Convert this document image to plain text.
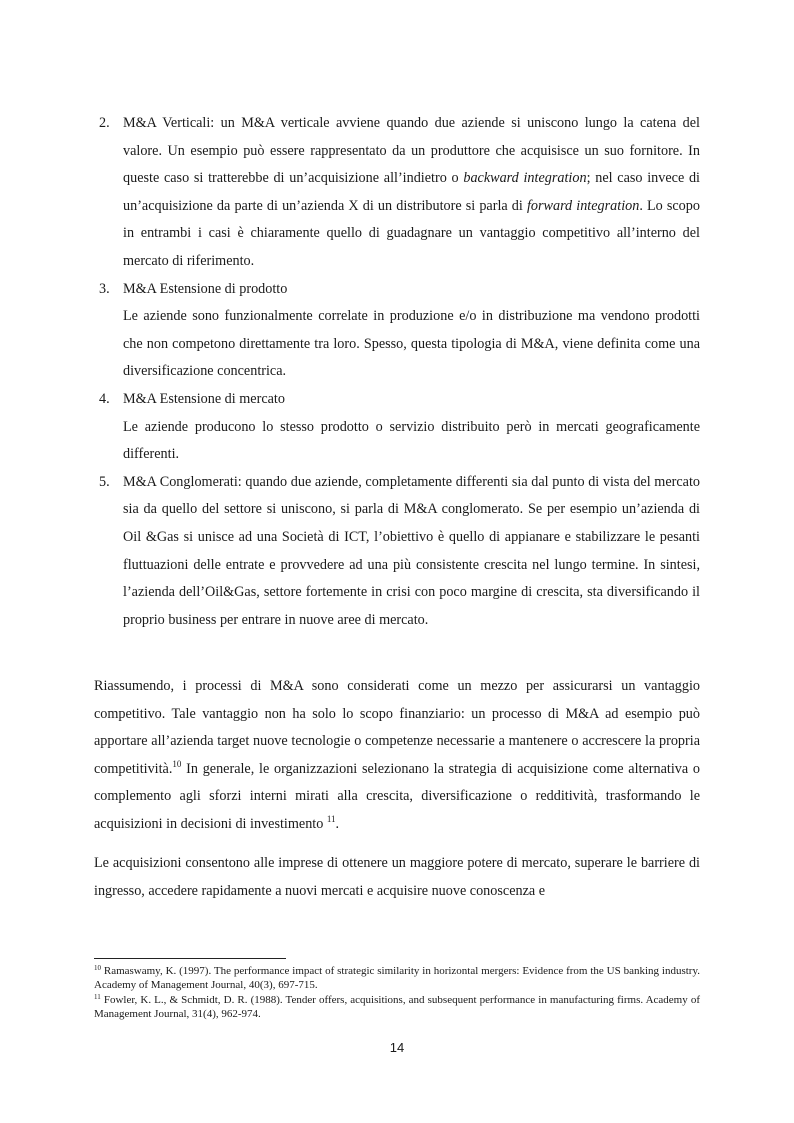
2. M&A Verticali: un M&A verticale avviene quando due aziende si uniscono lungo la catena del valore. Un esempio può essere rappresentato da un produttore che acquisisce un suo fornitore. In queste caso si tratterebbe di un’acquisizione all’indietro o backward integration; nel caso invece di un’acquisizione da parte di un’azienda X di un distributore si parla di forward integration. Lo scopo in entrambi i casi è chiaramente quello di guadagnare un vantaggio competitivo all’interno del mercato di riferimento.
3. M&A Estensione di prodotto
Le aziende sono funzionalmente correlate in produzione e/o in distribuzione ma vendono prodotti che non competono direttamente tra loro. Spesso, questa tipologia di M&A, viene definita come una diversificazione concentrica.
4. M&A Estensione di mercato
Le aziende producono lo stesso prodotto o servizio distribuito però in mercati geograficamente differenti.
5. M&A Conglomerati: quando due aziende, completamente differenti sia dal punto di vista del mercato sia da quello del settore si uniscono, si parla di M&A conglomerato. Se per esempio un’azienda di Oil &Gas si unisce ad una Società di ICT, l’obiettivo è quello di appianare e stabilizzare le pesanti fluttuazioni delle entrate e provvedere ad una più consistente crescita nel lungo termine. In sintesi, l’azienda dell’Oil&Gas, settore fortemente in crisi con poco margine di crescita, sta diversificando il proprio business per entrare in nuove aree di mercato.

Riassumendo, i processi di M&A sono considerati come un mezzo per assicurarsi un vantaggio competitivo. Tale vantaggio non ha solo lo scopo finanziario: un processo di M&A ad esempio può apportare all’azienda target nuove tecnologie o competenze necessarie a mantenere o accrescere la propria competitività.$^{10}$ In generale, le organizzazioni selezionano la strategia di acquisizione come alternativa o complemento agli sforzi interni mirati alla crescita, diversificazione o redditività, trasformando le acquisizioni in decisioni di investimento $^{11}$.

Le acquisizioni consentono alle imprese di ottenere un maggiore potere di mercato, superare le barriere di ingresso, accedere rapidamente a nuovi mercati e acquisire nuove conoscenza e

$^{10}$ Ramaswamy, K. (1997). The performance impact of strategic similarity in horizontal mergers: Evidence from the US banking industry. Academy of Management Journal, 40(3), 697-715.

$^{11}$ Fowler, K. L., & Schmidt, D. R. (1988). Tender offers, acquisitions, and subsequent performance in manufacturing firms. Academy of Management Journal, 31(4), 962-974.

14
